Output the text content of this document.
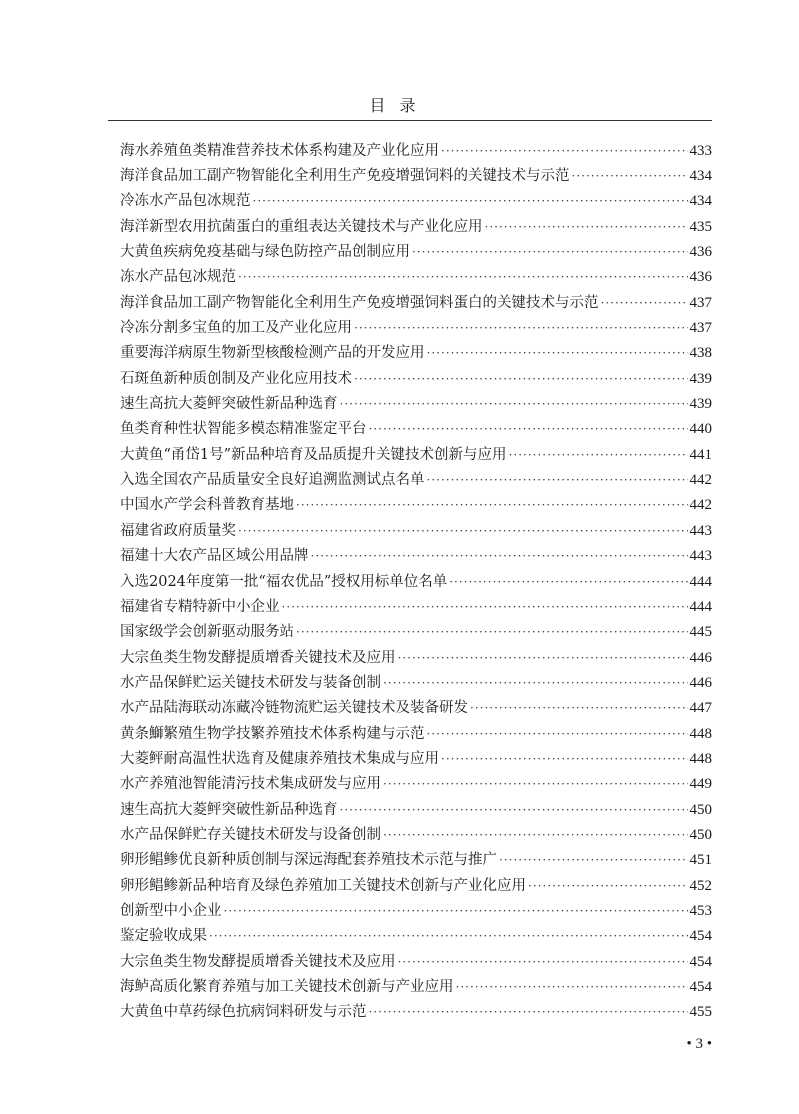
目录
海水养殖鱼类精准营养技术体系构建及产业化应用 ·····	433
海洋食品加工副产物智能化全利用生产免疫增强饲料的关键技术与示范 ·····	434
冷冻水产品包冰规范 ·····	434
海洋新型农用抗菌蛋白的重组表达关键技术与产业化应用 ·····	435
大黄鱼疾病免疫基础与绿色防控产品创制应用 ·····	436
冻水产品包冰规范 ·····	436
海洋食品加工副产物智能化全利用生产免疫增强饲料蛋白的关键技术与示范 ·····	437
冷冻分割多宝鱼的加工及产业化应用 ·····	437
重要海洋病原生物新型核酸检测产品的开发应用 ·····	438
石斑鱼新种质创制及产业化应用技术 ·····	439
速生高抗大菱鲆突破性新品种选育 ·····	439
鱼类育种性状智能多模态精准鉴定平台 ·····	440
大黄鱼“甬岱1号”新品种培育及品质提升关键技术创新与应用 ·····	441
入选全国农产品质量安全良好追溯监测试点名单 ·····	442
中国水产学会科普教育基地 ·····	442
福建省政府质量奖 ·····	443
福建十大农产品区域公用品牌 ·····	443
入选2024年度第一批“福农优品”授权用标单位名单 ·····	444
福建省专精特新中小企业 ·····	444
国家级学会创新驱动服务站 ·····	445
大宗鱼类生物发酵提质增香关键技术及应用 ·····	446
水产品保鲜贮运关键技术研发与装备创制 ·····	446
水产品陆海联动冻藏冷链物流贮运关键技术及装备研发 ·····	447
黄条鰤繁殖生物学技繁养殖技术体系构建与示范 ·····	448
大菱鲆耐高温性状选育及健康养殖技术集成与应用 ·····	448
水产养殖池智能清污技术集成研发与应用 ·····	449
速生高抗大菱鲆突破性新品种选育 ·····	450
水产品保鲜贮存关键技术研发与设备创制 ·····	450
卵形鲳鲹优良新种质创制与深远海配套养殖技术示范与推广 ·····	451
卵形鲳鲹新品种培育及绿色养殖加工关键技术创新与产业化应用 ·····	452
创新型中小企业 ·····	453
鉴定验收成果 ·····	454
大宗鱼类生物发酵提质增香关键技术及应用 ·····	454
海鲈高质化繁育养殖与加工关键技术创新与产业应用 ·····	454
大黄鱼中草药绿色抗病饲料研发与示范 ·····	455
• 3 •
